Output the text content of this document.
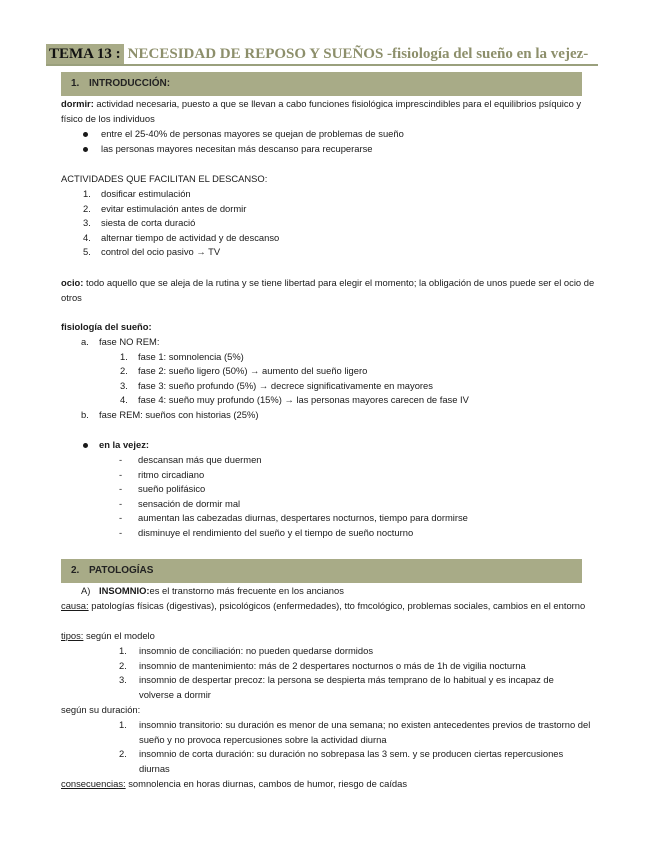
TEMA 13 : NECESIDAD DE REPOSO Y SUEÑOS -fisiología del sueño en la vejez-
1. INTRODUCCIÓN:
dormir: actividad necesaria, puesto a que se llevan a cabo funciones fisiológica imprescindibles para el equilibrios psíquico y físico de los individuos
entre el 25-40% de personas mayores se quejan de problemas de sueño
las personas mayores necesitan más descanso para recuperarse
ACTIVIDADES QUE FACILITAN EL DESCANSO:
1.	dosificar estimulación
2.	evitar estimulación antes de dormir
3.	siesta de corta duració
4.	alternar tiempo de actividad y de descanso
5.	control del ocio pasivo → TV
ocio: todo aquello que se aleja de la rutina y se tiene libertad para elegir el momento; la obligación de unos puede ser el ocio de otros
fisiología del sueño:
a.	fase NO REM:
1.	fase 1: somnolencia (5%)
2.	fase 2: sueño ligero (50%) → aumento del sueño ligero
3.	fase 3: sueño profundo (5%) → decrece significativamente en mayores
4.	fase 4: sueño muy profundo (15%) → las personas mayores carecen de fase IV
b.	fase REM: sueños con historias (25%)
en la vejez:
-	descansan más que duermen
-	ritmo circadiano
-	sueño polifásico
-	sensación de dormir mal
-	aumentan las cabezadas diurnas, despertares nocturnos, tiempo para dormirse
-	disminuye el rendimiento del sueño y el tiempo de sueño nocturno
2. PATOLOGÍAS
A) INSOMNIO: es el transtorno más frecuente en los ancianos
causa: patologías físicas (digestivas), psicológicos (enfermedades), tto fmcológico, problemas sociales, cambios en el entorno
tipos: según el modelo
1.	insomnio de conciliación: no pueden quedarse dormidos
2.	insomnio de mantenimiento: más de 2 despertares nocturnos o más de 1h de vigilia nocturna
3.	insomnio de despertar precoz: la persona se despierta más temprano de lo habitual y es incapaz de volverse a dormir
según su duración:
1.	insomnio transitorio: su duración es menor de una semana; no existen antecedentes previos de trastorno del sueño y no provoca repercusiones sobre la actividad diurna
2.	insomnio de corta duración: su duración no sobrepasa las 3 sem. y se producen ciertas repercusiones diurnas
consecuencias: somnolencia en horas diurnas, cambos de humor, riesgo de caídas
